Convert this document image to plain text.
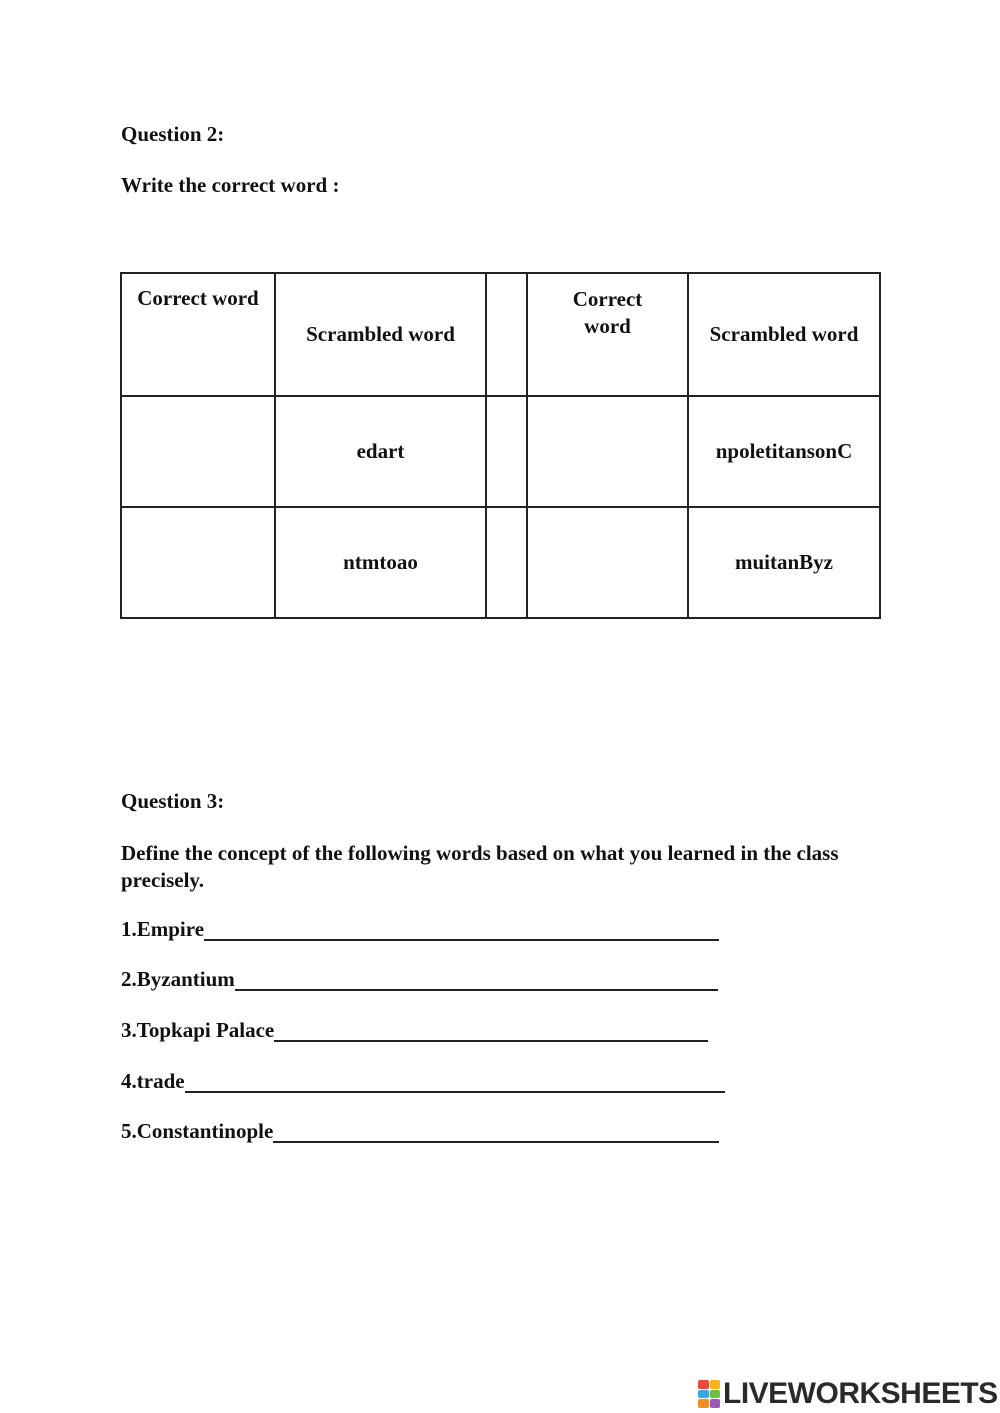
Question 2:

Write the correct word :

Correct word	Scrambled word		Correct word	Scrambled word
	edart			npoletitansonC
	ntmtoao			muitanByz

Question 3:

Define the concept of the following words based on what you learned in the class precisely.

1.Empire
2.Byzantium
3.Topkapi Palace
4.trade
5.Constantinople
LIVEWORKSHEETS
